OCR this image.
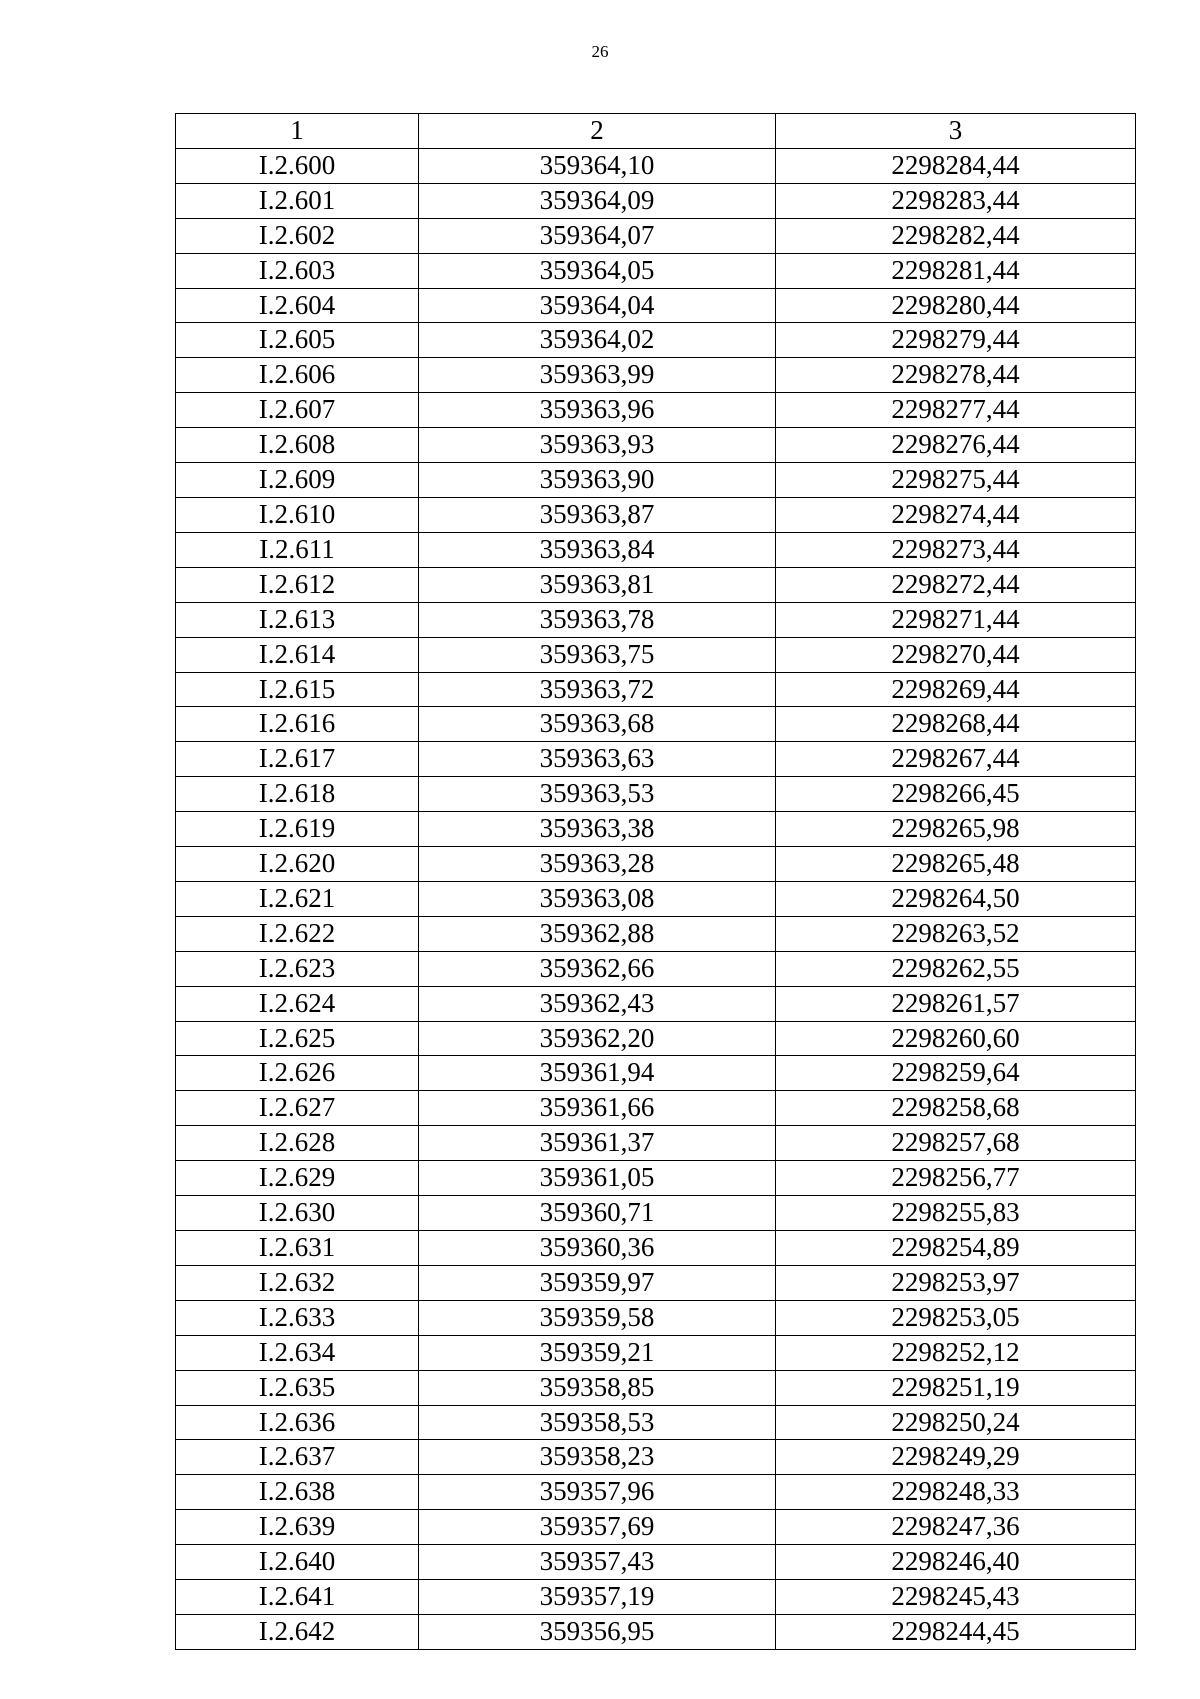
26
1	2	3
I.2.600	359364,10	2298284,44
I.2.601	359364,09	2298283,44
I.2.602	359364,07	2298282,44
I.2.603	359364,05	2298281,44
I.2.604	359364,04	2298280,44
I.2.605	359364,02	2298279,44
I.2.606	359363,99	2298278,44
I.2.607	359363,96	2298277,44
I.2.608	359363,93	2298276,44
I.2.609	359363,90	2298275,44
I.2.610	359363,87	2298274,44
I.2.611	359363,84	2298273,44
I.2.612	359363,81	2298272,44
I.2.613	359363,78	2298271,44
I.2.614	359363,75	2298270,44
I.2.615	359363,72	2298269,44
I.2.616	359363,68	2298268,44
I.2.617	359363,63	2298267,44
I.2.618	359363,53	2298266,45
I.2.619	359363,38	2298265,98
I.2.620	359363,28	2298265,48
I.2.621	359363,08	2298264,50
I.2.622	359362,88	2298263,52
I.2.623	359362,66	2298262,55
I.2.624	359362,43	2298261,57
I.2.625	359362,20	2298260,60
I.2.626	359361,94	2298259,64
I.2.627	359361,66	2298258,68
I.2.628	359361,37	2298257,68
I.2.629	359361,05	2298256,77
I.2.630	359360,71	2298255,83
I.2.631	359360,36	2298254,89
I.2.632	359359,97	2298253,97
I.2.633	359359,58	2298253,05
I.2.634	359359,21	2298252,12
I.2.635	359358,85	2298251,19
I.2.636	359358,53	2298250,24
I.2.637	359358,23	2298249,29
I.2.638	359357,96	2298248,33
I.2.639	359357,69	2298247,36
I.2.640	359357,43	2298246,40
I.2.641	359357,19	2298245,43
I.2.642	359356,95	2298244,45
